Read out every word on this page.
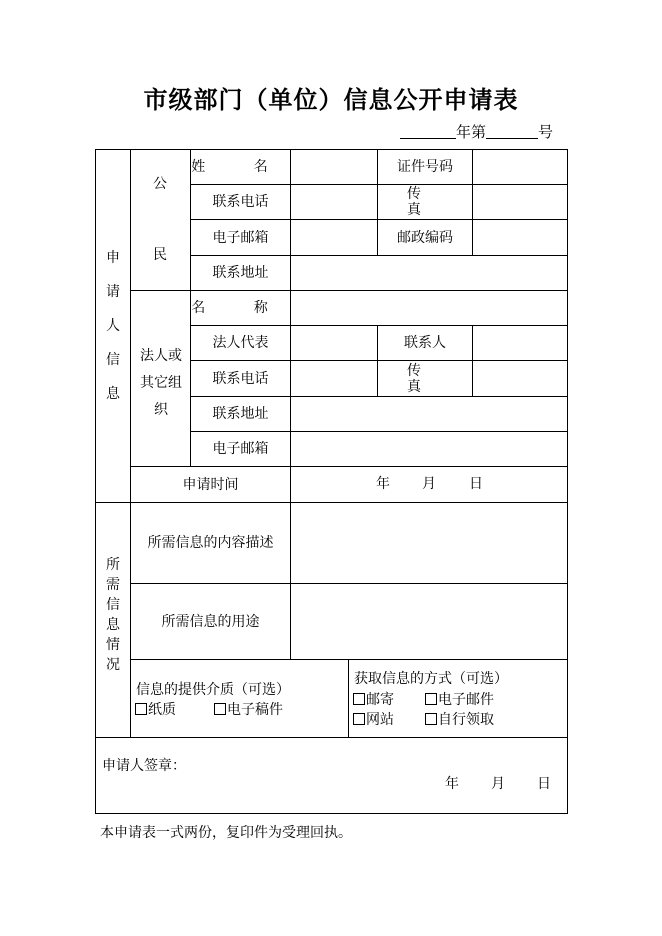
市级部门（单位）信息公开申请表
年第	号
申请人信息
公
民
法人或其它组织
所需信息情况
姓 名	证件号码
联系电话	传 真
电子邮箱	邮政编码
联系地址
名 称
法人代表	联系人
联系电话	传 真
联系地址
电子邮箱
申请时间	年 月 日
所需信息的内容描述
所需信息的用途
信息的提供介质（可选）
纸质	电子稿件
获取信息的方式（可选）
邮寄	电子邮件
网站	自行领取
申请人签章：
年 月 日
本申请表一式两份，复印件为受理回执。
